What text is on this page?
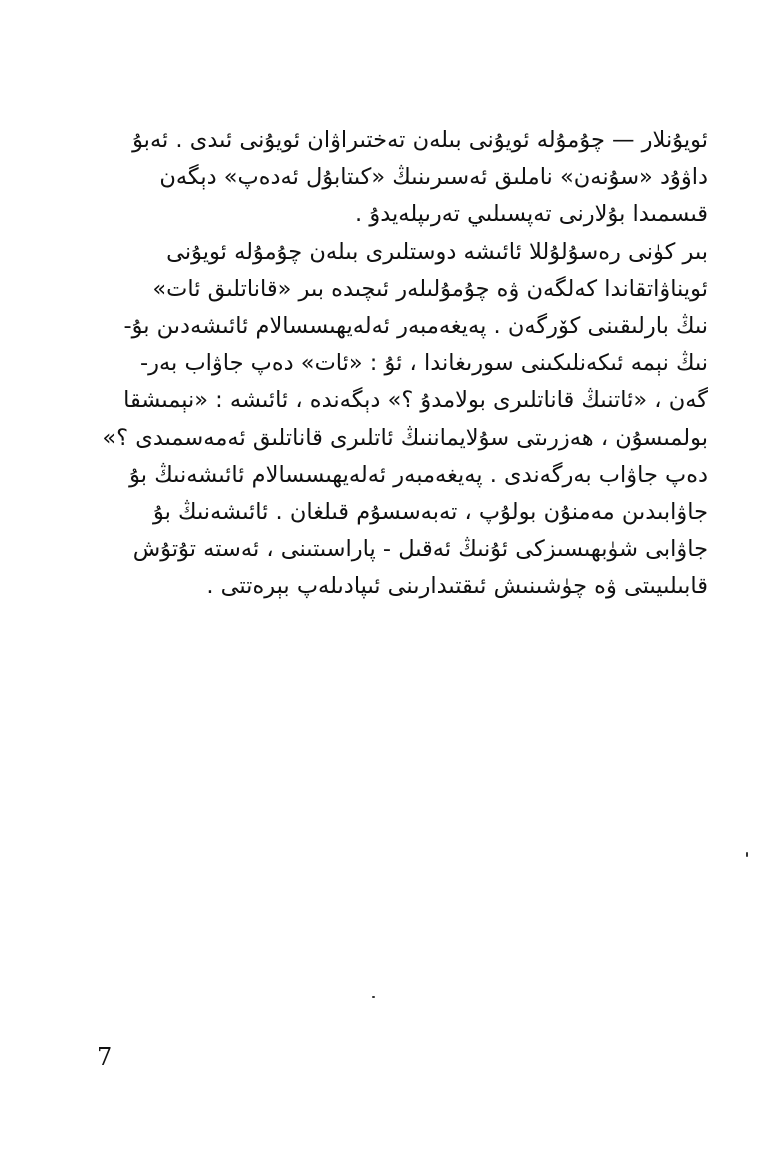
ئويۇنلار — چۇمۇلە ئويۇنى بىلەن تەختىراۋان ئويۇنى ئىدى . ئەبۇ
داۋۇد «سۇنەن» ناملىق ئەسىرىنىڭ «كىتابۇل ئەدەپ» دېگەن
قىسمىدا بۇلارنى تەپسىلىي تەرىپلەيدۇ .
بىر كۈنى رەسۇلۇللا ئائىشە دوستلىرى بىلەن چۇمۇلە ئويۇنى
ئويناۋاتقاندا كەلگەن ۋە چۇمۇلىلەر ئىچىدە بىر «قاناتلىق ئات»
نىڭ بارلىقىنى كۆرگەن . پەيغەمبەر ئەلەيھىسسالام ئائىشەدىن بۇ-
نىڭ نېمە ئىكەنلىكىنى سورىغاندا ، ئۇ : «ئات» دەپ جاۋاب بەر-
گەن ، «ئاتنىڭ قاناتلىرى بولامدۇ ؟» دېگەندە ، ئائىشە : «نېمىشقا
بولمىسۇن ، ھەزرىتى سۇلايماننىڭ ئاتلىرى قاناتلىق ئەمەسمىدى ؟»
دەپ جاۋاب بەرگەندى . پەيغەمبەر ئەلەيھىسسالام ئائىشەنىڭ بۇ
جاۋابىدىن مەمنۇن بولۇپ ، تەبەسسۇم قىلغان . ئائىشەنىڭ بۇ
جاۋابى شۈبھىسىزكى ئۇنىڭ ئەقىل - پاراسىتىنى ، ئەستە تۇتۇش
قابىلىيىتى ۋە چۈشىنىش ئىقتىدارىنى ئىپادىلەپ بېرەتتى .
7
